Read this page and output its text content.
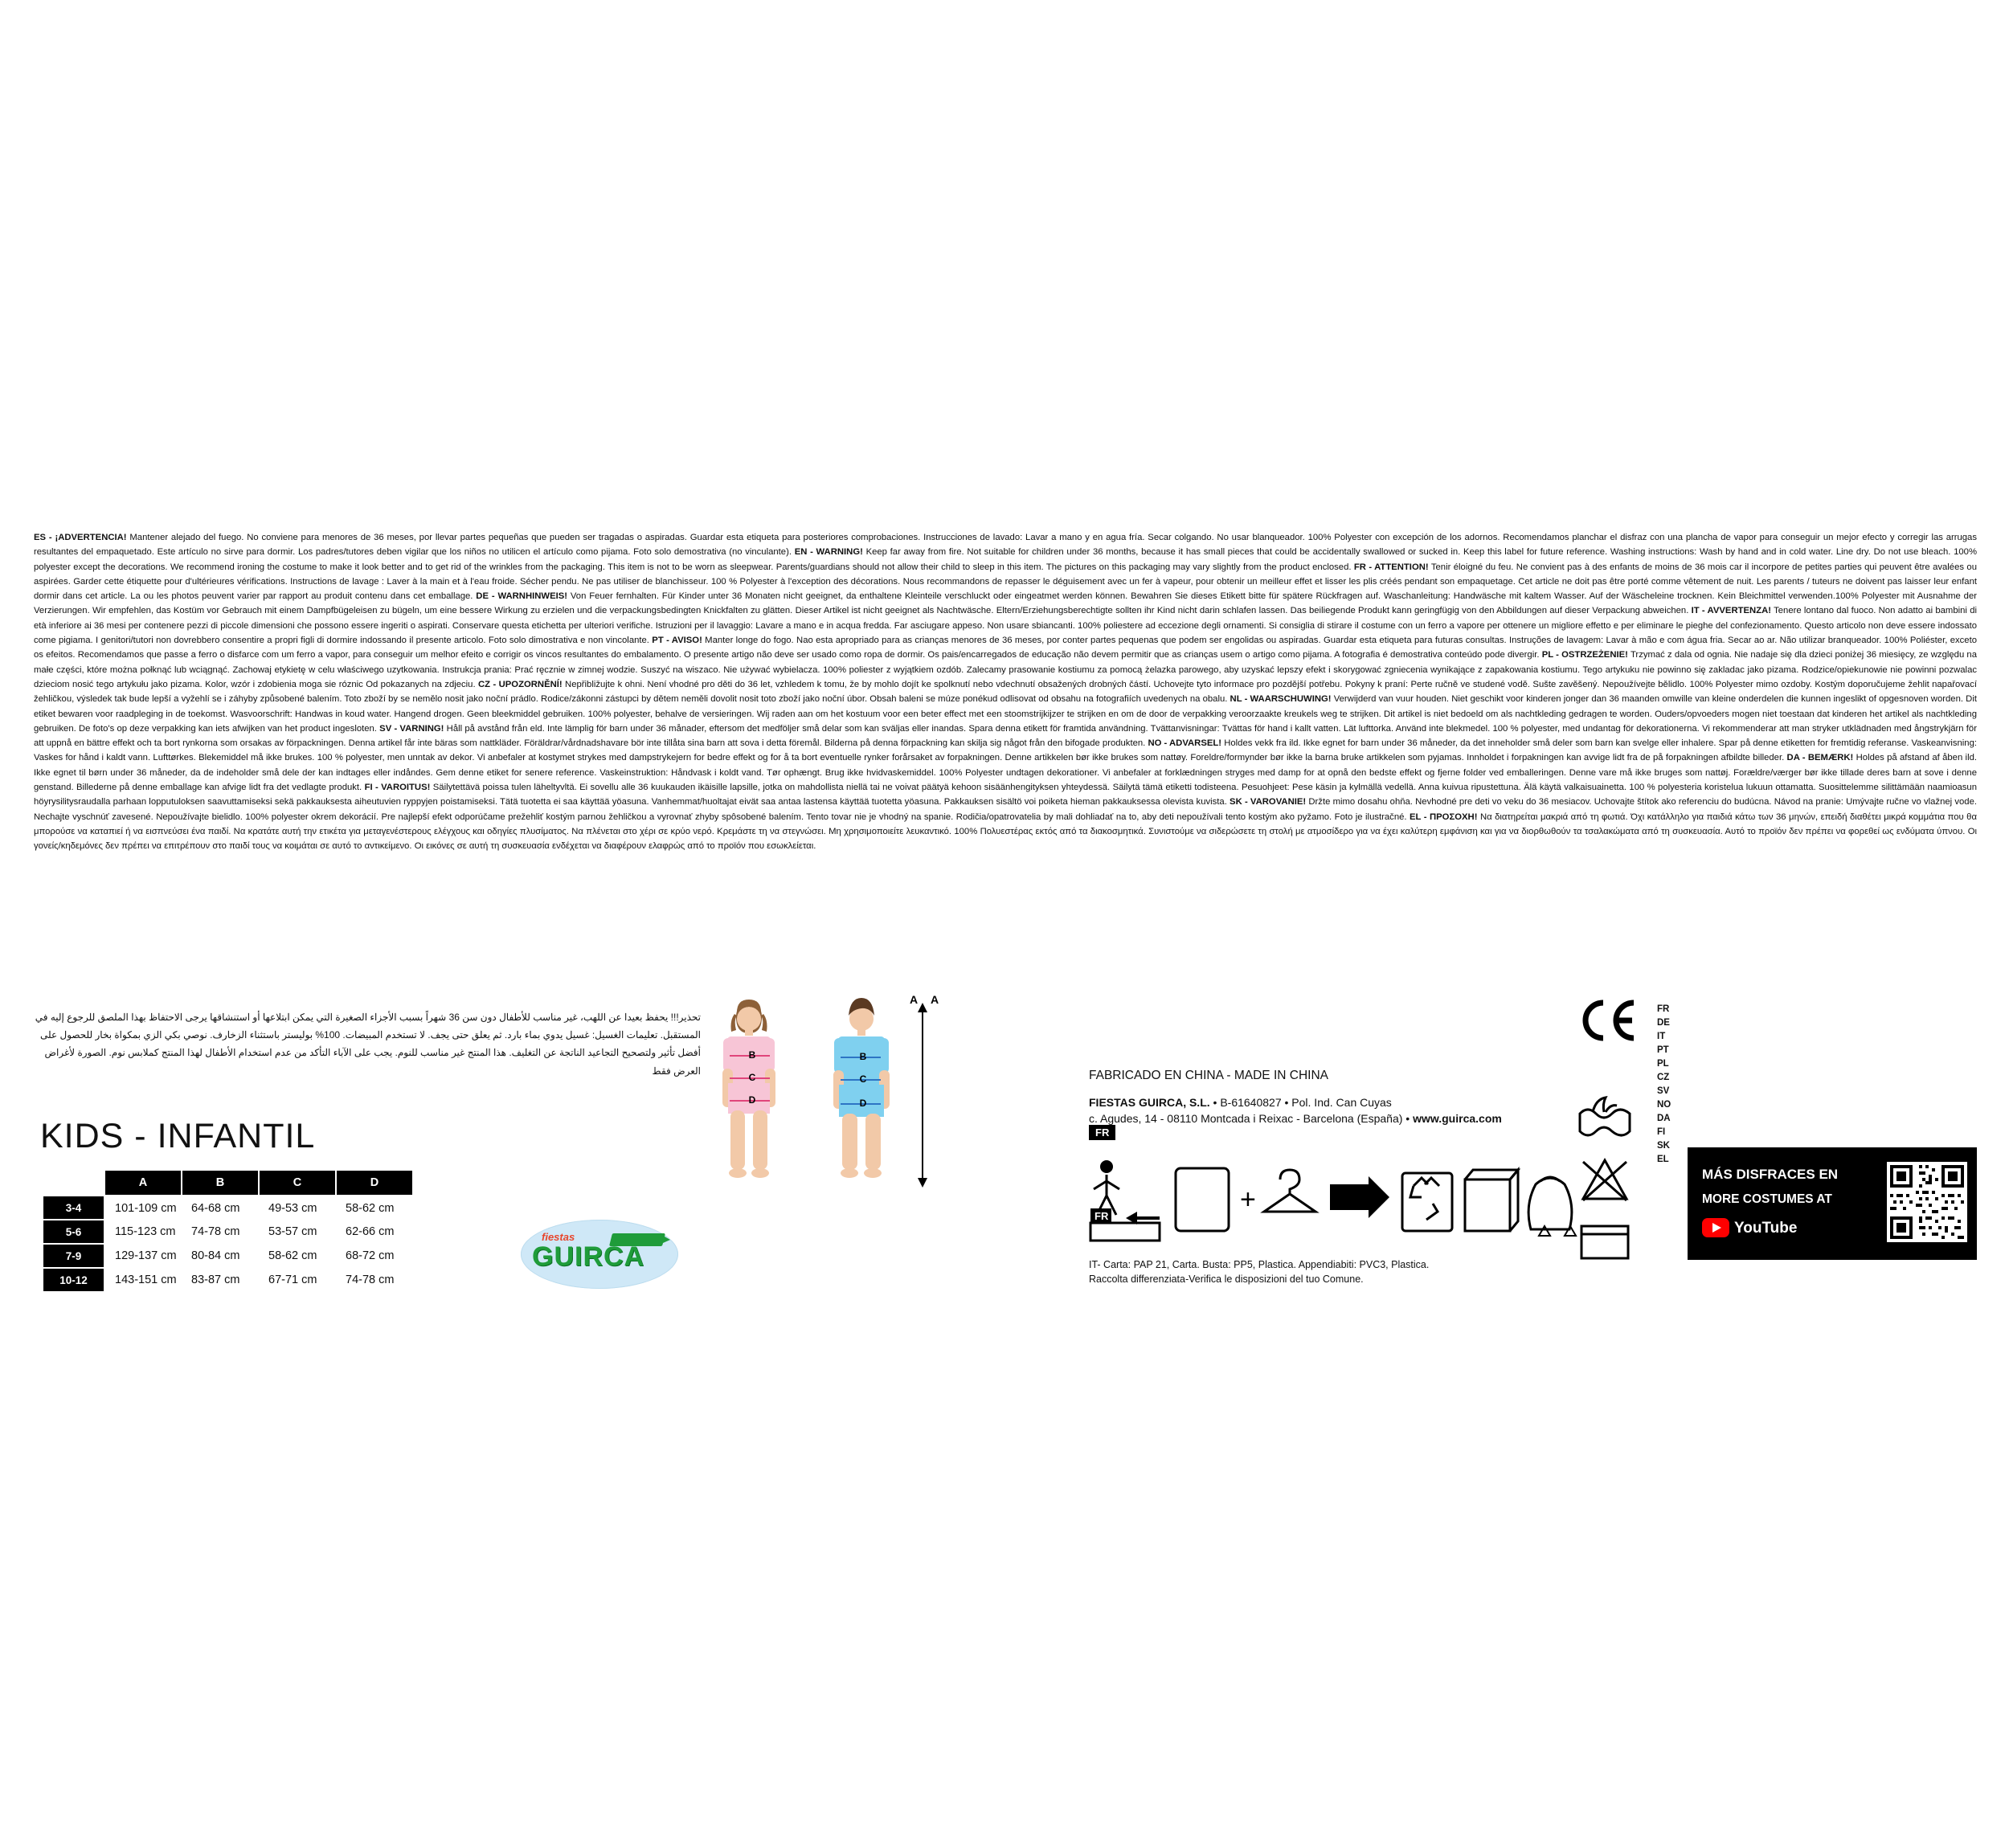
ES - ¡ADVERTENCIA! Mantener alejado del fuego. No conviene para menores de 36 meses, por llevar partes pequeñas que pueden ser tragadas o aspiradas. Guardar esta etiqueta para posteriores comprobaciones. Instrucciones de lavado: Lavar a mano y en agua fría. Secar colgando. No usar blanqueador. 100% Polyester con excepción de los adornos. Recomendamos planchar el disfraz con una plancha de vapor para conseguir un mejor efecto y corregir las arrugas resultantes del empaquetado. Este artículo no sirve para dormir. Los padres/tutores deben vigilar que los niños no utilicen el artículo como pijama. Foto solo demostrativa (no vinculante). EN - WARNING! Keep far away from fire. Not suitable for children under 36 months, because it has small pieces that could be accidentally swallowed or sucked in. Keep this label for future reference. Washing instructions: Wash by hand and in cold water. Line dry. Do not use bleach. 100% polyester except the decorations. We recommend ironing the costume to make it look better and to get rid of the wrinkles from the packaging. This item is not to be worn as sleepwear. Parents/guardians should not allow their child to sleep in this item. The pictures on this packaging may vary slightly from the product enclosed. FR - ATTENTION! Tenir éloigné du feu. Ne convient pas à des enfants de moins de 36 mois car il incorpore de petites parties qui peuvent être avalées ou aspirées. Garder cette étiquette pour d'ultérieures vérifications. Instructions de lavage : Laver à la main et à l'eau froide. Sécher pendu. Ne pas utiliser de blanchisseur. 100 % Polyester à l'exception des décorations. Nous recommandons de repasser le déguisement avec un fer à vapeur, pour obtenir un meilleur effet et lisser les plis créés pendant son empaquetage. Cet article ne doit pas être porté comme vêtement de nuit. Les parents / tuteurs ne doivent pas laisser leur enfant dormir dans cet article. La ou les photos peuvent varier par rapport au produit contenu dans cet emballage. DE - WARNHINWEIS! Von Feuer fernhalten. Für Kinder unter 36 Monaten nicht geeignet, da enthaltene Kleinteile verschluckt oder eingeatmet werden können. Bewahren Sie dieses Etikett bitte für spätere Rückfragen auf. Waschanleitung: Handwäsche mit kaltem Wasser. Auf der Wäscheleine trocknen. Kein Bleichmittel verwenden.100% Polyester mit Ausnahme der Verzierungen. Wir empfehlen, das Kostüm vor Gebrauch mit einem Dampfbügeleisen zu bügeln, um eine bessere Wirkung zu erzielen und die verpackungsbedingten Knickfalten zu glätten. Dieser Artikel ist nicht geeignet als Nachtwäsche. Eltern/Erziehungsberechtigte sollten ihr Kind nicht darin schlafen lassen. Das beiliegende Produkt kann geringfügig von den Abbildungen auf dieser Verpackung abweichen. IT - AVVERTENZA! Tenere lontano dal fuoco. Non adatto ai bambini di età inferiore ai 36 mesi per contenere pezzi di piccole dimensioni che possono essere ingeriti o aspirati. Conservare questa etichetta per ulteriori verifiche. Istruzioni per il lavaggio: Lavare a mano e in acqua fredda. Far asciugare appeso. Non usare sbiancanti. 100% poliestere ad eccezione degli ornamenti. Si consiglia di stirare il costume con un ferro a vapore per ottenere un migliore effetto e per eliminare le pieghe del confezionamento. Questo articolo non deve essere indossato come pigiama. I genitori/tutori non dovrebbero consentire a propri figli di dormire indossando il presente articolo. Foto solo dimostrativa e non vincolante. PT - AVISO! Manter longe do fogo. Nao esta apropriado para as crianças menores de 36 meses, por conter partes pequenas que podem ser engolidas ou aspiradas. Guardar esta etiqueta para futuras consultas. Instruções de lavagem: Lavar à mão e com água fria. Secar ao ar. Não utilizar branqueador. 100% Poliéster, exceto os efeitos. Recomendamos que passe a ferro o disfarce com um ferro a vapor, para conseguir um melhor efeito e corrigir os vincos resultantes do embalamento. O presente artigo não deve ser usado como ropa de dormir. Os pais/encarregados de educação não devem permitir que as crianças usem o artigo como pijama. A fotografia é demostrativa conteúdo pode divergir. PL - OSTRZEŻENIE! Trzymać z dala od ognia. Nie nadaje się dla dzieci poniżej 36 miesięcy, ze względu na małe części, które można połknąć lub wciągnąć. Zachowaj etykietę w celu właściwego uzytkowania. Instrukcja prania: Prać ręcznie w zimnej wodzie. Suszyć na wiszaco. Nie używać wybielacza. 100% poliester z wyjątkiem ozdób. Zalecamy prasowanie kostiumu za pomocą żelazka parowego, aby uzyskać lepszy efekt i skorygować zgniecenia wynikające z zapakowania kostiumu. Tego artykuku nie powinno się zakladac jako pizama. Rodzice/opiekunowie nie powinni pozwalac dzieciom nosić tego artykułu jako pizama. Kolor, wzór i zdobienia moga sie róznic Od pokazanych na zdjeciu. CZ - UPOZORNĚNÍ! Nepřibližujte k ohni. Není vhodné pro děti do 36 let, vzhledem k tomu, že by mohlo dojít ke spolknutí nebo vdechnutí obsažených drobných částí. Uchovejte tyto informace pro pozdější potřebu. Pokyny k praní: Perte ručně ve studené vodě. Sušte zavěšený. Nepoužívejte bělidlo. 100% Polyester mimo ozdoby. Kostým doporučujeme žehlit napařovací žehličkou, výsledek tak bude lepší a vyžehlí se i záhyby způsobené balením. Toto zboží by se nemělo nosit jako noční prádlo. Rodice/zákonni zástupci by dětem neměli dovolit nosit toto zboží jako noční úbor. Obsah baleni se múze ponékud odlisovat od obsahu na fotografiích uvedenych na obalu. NL - WAARSCHUWING! Verwijderd van vuur houden. Niet geschikt voor kinderen jonger dan 36 maanden omwille van kleine onderdelen die kunnen ingeslikt of opgesnoven worden. Dit etiket bewaren voor raadpleging in de toekomst. Wasvoorschrift: Handwas in koud water. Hangend drogen. Geen bleekmiddel gebruiken. 100% polyester, behalve de versieringen. Wij raden aan om het kostuum voor een beter effect met een stoomstrijkijzer te strijken en om de door de verpakking veroorzaakte kreukels weg te strijken. Dit artikel is niet bedoeld om als nachtkleding gedragen te worden. Ouders/opvoeders mogen niet toestaan dat kinderen het artikel als nachtkleding gebruiken. De foto's op deze verpakking kan iets afwijken van het product ingesloten. SV - VARNING! Håll på avstånd från eld. Inte lämplig för barn under 36 månader, eftersom det medföljer små delar som kan sväljas eller inandas. Spara denna etikett för framtida användning. Tvättanvisningar: Tvättas för hand i kallt vatten. Lät lufttorka. Använd inte blekmedel. 100 % polyester, med undantag för dekorationerna. Vi rekommenderar att man stryker utklädnaden med ångstrykjärn för att uppnå en bättre effekt och ta bort rynkorna som orsakas av förpackningen. Denna artikel får inte bäras som nattkläder. Föräldrar/vårdnadshavare bör inte tillåta sina barn att sova i detta föremål. Bilderna på denna förpackning kan skilja sig något från den bifogade produkten. NO - ADVARSEL! Holdes vekk fra ild. Ikke egnet for barn under 36 måneder, da det inneholder små deler som barn kan svelge eller inhalere. Spar på denne etiketten for fremtidig referanse. Vaskeanvisning: Vaskes for hånd i kaldt vann. Lufttørkes. Blekemiddel må ikke brukes. 100 % polyester, men unntak av dekor. Vi anbefaler at kostymet strykes med dampstrykejern for bedre effekt og for å ta bort eventuelle rynker forårsaket av forpakningen. Denne artikkelen bør ikke brukes som nattøy. Foreldre/formynder bør ikke la barna bruke artikkelen som pyjamas. Innholdet i forpakningen kan avvige lidt fra de på forpakningen afbildte billeder. DA - BEMÆRK! Holdes på afstand af åben ild. Ikke egnet til børn under 36 måneder, da de indeholder små dele der kan indtages eller indåndes. Gem denne etiket for senere reference. Vaskeinstruktion: Håndvask i koldt vand. Tør ophængt. Brug ikke hvidvaskemiddel. 100% Polyester undtagen dekorationer. Vi anbefaler at forklædningen stryges med damp for at opnå den bedste effekt og fjerne folder ved emballeringen. Denne vare må ikke bruges som nattøj. Forældre/værger bør ikke tillade deres barn at sove i denne genstand. Billederne på denne emballage kan afvige lidt fra det vedlagte produkt. FI - VAROITUS! Säilytettävä poissa tulen läheltyvltä. Ei sovellu alle 36 kuukauden ikäisille lapsille, jotka on mahdollista niellä tai ne voivat päätyä kehoon sisäänhengityksen yhteydessä. Säilytä tämä etiketti todisteena. Pesuohjeet: Pese käsin ja kylmällä vedellä. Anna kuivua ripustettuna. Älä käytä valkaisuainetta. 100 % polyesteria koristelua lukuun ottamatta. Suosittelemme silittämään naamioasun höyrysilitysraudalla parhaan lopputuloksen saavuttamiseksi sekä pakkauksesta aiheutuvien ryppyjen poistamiseksi. Tätä tuotetta ei saa käyttää yöasuna. Vanhemmat/huoltajat eivät saa antaa lastensa käyttää tuotetta yöasuna. Pakkauksen sisältö voi poiketa hieman pakkauksessa olevista kuvista. SK - VAROVANIE! Držte mimo dosahu ohňa. Nevhodné pre deti vo veku do 36 mesiacov. Uchovajte štítok ako referenciu do budúcna. Návod na pranie: Umývajte ručne vo vlažnej vode. Nechajte vyschnúť zavesené. Nepoužívajte bielidlo. 100% polyester okrem dekorácií. Pre najlepší efekt odporúčame prežehliť kostým parnou žehličkou a vyrovnať zhyby spôsobené balením. Tento tovar nie je vhodný na spanie. Rodičia/opatrovatelia by mali dohliadať na to, aby deti nepoužívali tento kostým ako pyžamo. Foto je ilustračné. EL - ΠΡΟΣΟΧΗ! Να διατηρείται μακριά από τη φωτιά. Όχι κατάλληλο για παιδιά κάτω των 36 μηνών, επειδή διαθέτει μικρά κομμάτια που θα μπορούσε να καταπιεί ή να εισπνεύσει ένα παιδί. Να κρατάτε αυτή την ετικέτα για μεταγενέστερους ελέγχους και οδηγίες πλυσίματος. Να πλένεται στο χέρι σε κρύο νερό. Κρεμάστε τη να στεγνώσει. Μη χρησιμοποιείτε λευκαντικό. 100% Πολυεστέρας εκτός από τα διακοσμητικά. Συνιστούμε να σιδερώσετε τη στολή με ατμοσίδερο για να έχει καλύτερη εμφάνιση και για να διορθωθούν τα τσαλακώματα από τη συσκευασία. Αυτό το προϊόν δεν πρέπει να φορεθεί ως ενδύματα ύπνου. Οι γονείς/κηδεμόνες δεν πρέπει να επιτρέπουν στο παιδί τους να κοιμάται σε αυτό το αντικείμενο. Οι εικόνες σε αυτή τη συσκευασία ενδέχεται να διαφέρουν ελαφρώς από το προϊόν που εσωκλείεται.
تحذير!!! يحفظ بعيدا عن اللهب، غير مناسب للأطفال دون سن 36 شهراً بسبب الأجزاء الصغيرة التي يمكن ابتلاعها أو استنشاقها يرجى الاحتفاظ بهذا الملصق للرجوع إليه في المستقبل. تعليمات الغسيل: غسيل يدوي بماء بارد. ثم يعلق حتى يجف. لا تستخدم المبيضات. 100% بوليستر باستثناء الزخارف. نوصي بكي الزي بمكواة بخار للحصول على أفضل تأثير ولتصحيح التجاعيد الناتجة عن التغليف. هذا المنتج غير مناسب للنوم. يجب على الآباء التأكد من عدم استخدام الأطفال لهذا المنتج كملابس نوم. الصورة لأغراض العرض فقط
KIDS - INFANTIL
	A	B	C	D
3-4	101-109 cm	64-68 cm	49-53 cm	58-62 cm
5-6	115-123 cm	74-78 cm	53-57 cm	62-66 cm
7-9	129-137 cm	80-84 cm	58-62 cm	68-72 cm
10-12	143-151 cm	83-87 cm	67-71 cm	74-78 cm
fiestas
GUIRCA
A A
B
C
D
B
C
D
FABRICADO EN CHINA - MADE IN CHINA
FIESTAS GUIRCA, S.L. • B-61640827 • Pol. Ind. Can Cuyas
c. Agudes, 14 - 08110 Montcada i Reixac - Barcelona (España) • www.guirca.com
+
FR
FR
IT- Carta: PAP 21, Carta. Busta: PP5, Plastica. Appendiabiti: PVC3, Plastica.
Raccolta differenziata-Verifica le disposizioni del tuo Comune.
FR
DE
IT
PT
PL
CZ
SV
NO
DA
FI
SK
EL
MÁS DISFRACES EN
MORE COSTUMES AT
YouTube
